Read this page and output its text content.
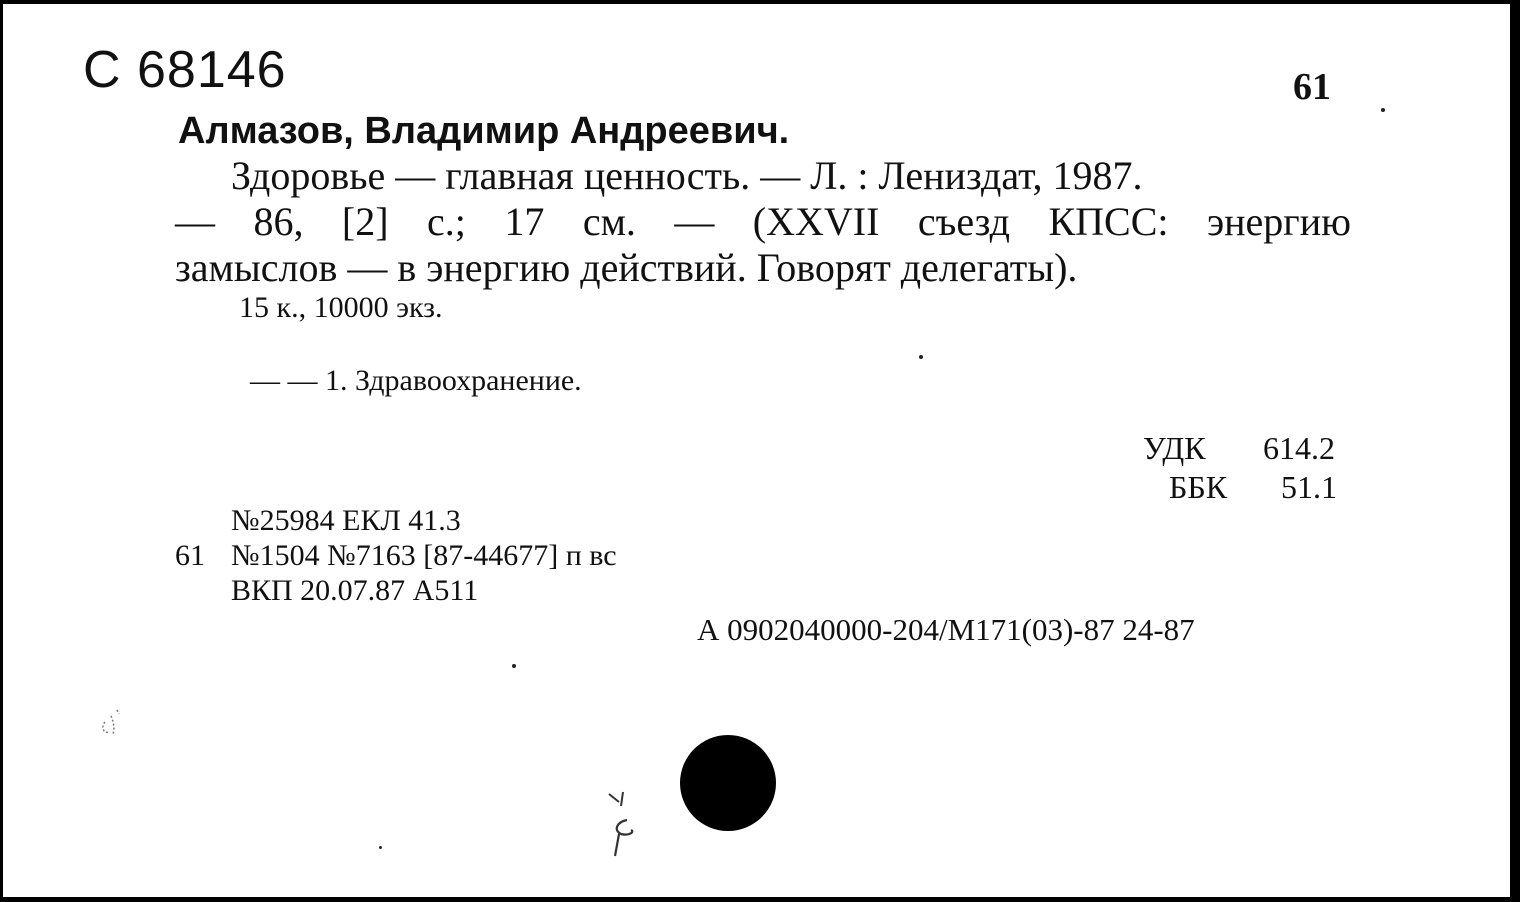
С 68146	61
Алмазов, Владимир Андреевич.
Здоровье — главная ценность. — Л. : Лениздат, 1987.
— 86, [2] с.; 17 см. — (XXVII съезд КПСС: энергию
замыслов — в энергию действий. Говорят делегаты).
15 к., 10000 экз.
— — 1. Здравоохранение.
УДК 614.2
ББК 51.1
№25984 ЕКЛ 41.3
61 №1504 №7163 [87-44677] п вс
ВКП 20.07.87 А511
А 0902040000-204/М171(03)-87 24-87
